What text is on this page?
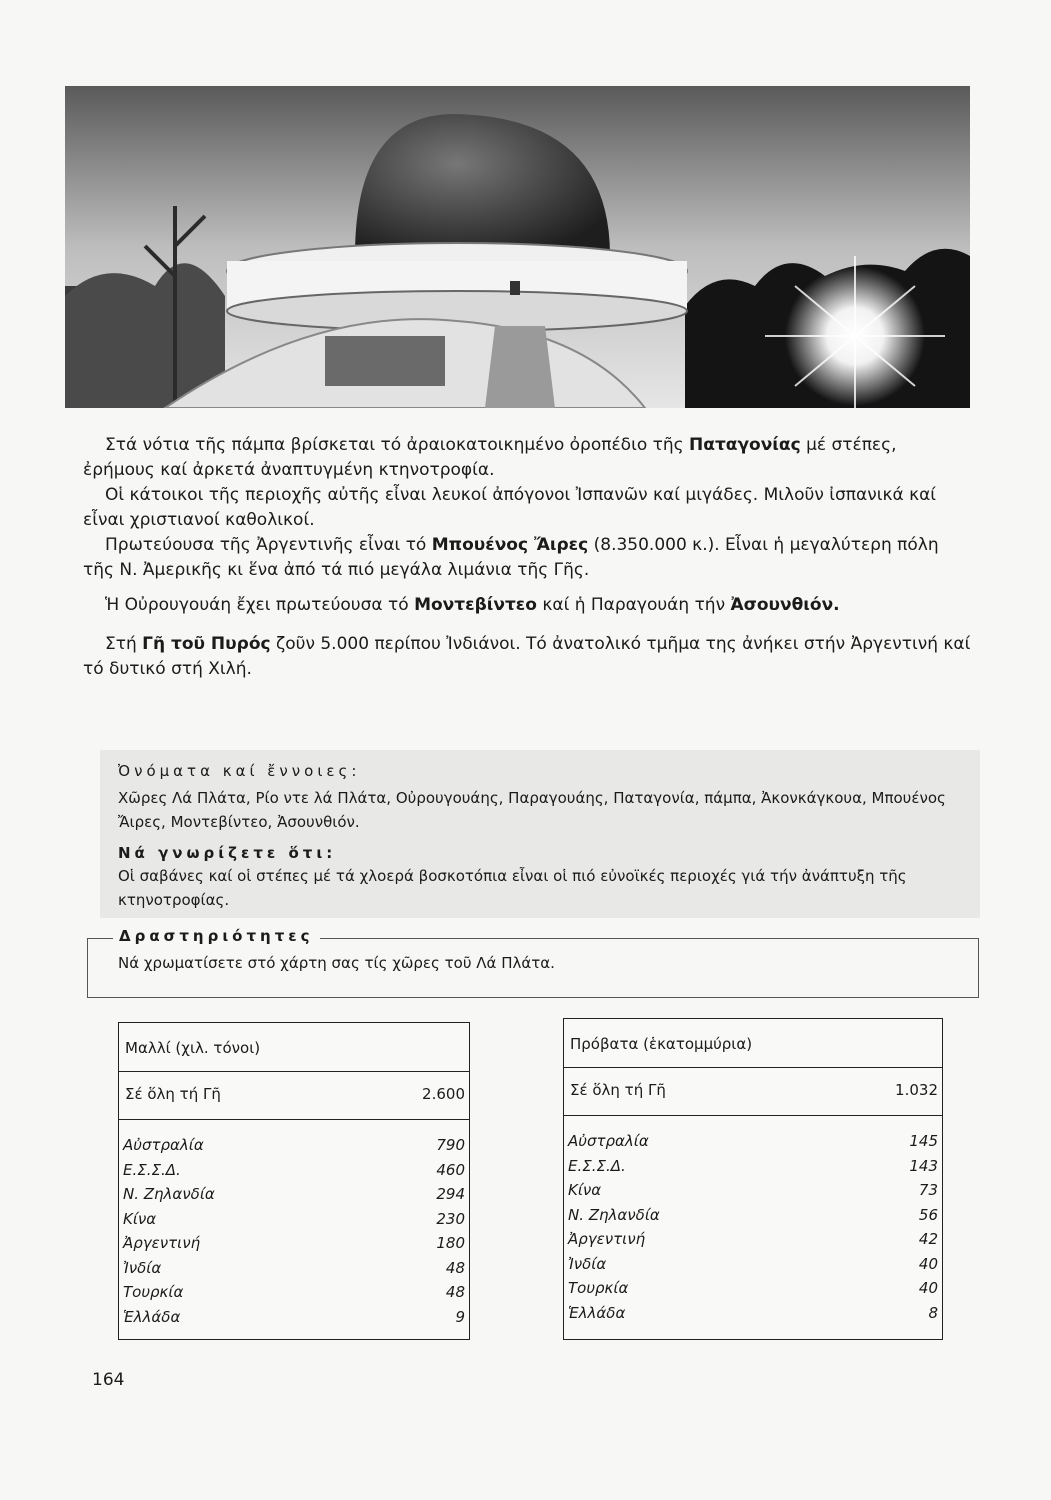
Στά νότια τῆς πάμπα βρίσκεται τό ἀραιοκατοικημένο ὀροπέδιο τῆς Παταγονίας μέ στέπες, ἐρήμους καί ἀρκετά ἀναπτυγμένη κτηνοτροφία.

Οἱ κάτοικοι τῆς περιοχῆς αὐτῆς εἶναι λευκοί ἀπόγονοι Ἰσπανῶν καί μιγάδες. Μιλοῦν ἰσπανικά καί εἶναι χριστιανοί καθολικοί.

Πρωτεύουσα τῆς Ἀργεντινῆς εἶναι τό Μπουένος Ἄιρες (8.350.000 κ.). Εἶναι ἡ μεγαλύτερη πόλη τῆς Ν. Ἀμερικῆς κι ἕνα ἀπό τά πιό μεγάλα λιμάνια τῆς Γῆς.

Ἡ Οὐρουγουάη ἔχει πρωτεύουσα τό Μοντεβίντεο καί ἡ Παραγουάη τήν Ἀσουνθιόν.

Στή Γῆ τοῦ Πυρός ζοῦν 5.000 περίπου Ἰνδιάνοι. Τό ἀνατολικό τμῆμα της ἀνήκει στήν Ἀργεντινή καί τό δυτικό στή Χιλή.

Ὀνόματα καί ἔννοιες:
Χῶρες Λά Πλάτα, Ρίο ντε λά Πλάτα, Οὐρουγουάης, Παραγουάης, Παταγονία, πάμπα, Ἀκονκάγκουα, Μπουένος Ἄιρες, Μοντεβίντεο, Ἀσουνθιόν.
Νά γνωρίζετε ὅτι:
Οἱ σαβάνες καί οἱ στέπες μέ τά χλοερά βοσκοτόπια εἶναι οἱ πιό εὐνοϊκές περιοχές γιά τήν ἀνάπτυξη τῆς κτηνοτροφίας.
Δραστηριότητες
Νά χρωματίσετε στό χάρτη σας τίς χῶρες τοῦ Λά Πλάτα.
Μαλλί (χιλ. τόνοι)
Σέ ὅλη τή Γῆ	2.600
Αὐστραλία	790
Ε.Σ.Σ.Δ.	460
Ν. Ζηλανδία	294
Κίνα	230
Ἀργεντινή	180
Ἰνδία	48
Τουρκία	48
Ἑλλάδα	9
Πρόβατα (ἑκατομμύρια)
Σέ ὅλη τή Γῆ	1.032
Αὐστραλία	145
Ε.Σ.Σ.Δ.	143
Κίνα	73
Ν. Ζηλανδία	56
Ἀργεντινή	42
Ἰνδία	40
Τουρκία	40
Ἑλλάδα	8
164
